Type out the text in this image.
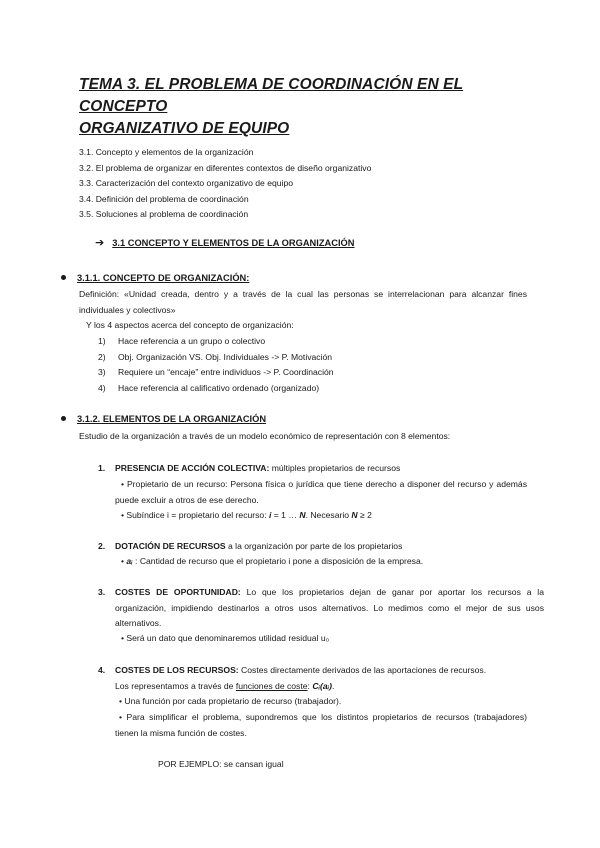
TEMA 3. EL PROBLEMA DE COORDINACIÓN EN EL CONCEPTO
ORGANIZATIVO DE EQUIPO
3.1. Concepto y elementos de la organización
3.2. El problema de organizar en diferentes contextos de diseño organizativo
3.3. Caracterización del contexto organizativo de equipo
3.4. Definición del problema de coordinación
3.5. Soluciones al problema de coordinación
➔ 3.1 CONCEPTO Y ELEMENTOS DE LA ORGANIZACIÓN
3.1.1. CONCEPTO DE ORGANIZACIÓN:
Definición: «Unidad creada, dentro y a través de la cual las personas se interrelacionan para alcanzar fines individuales y colectivos»
Y los 4 aspectos acerca del concepto de organización:
1) Hace referencia a un grupo o colectivo
2) Obj. Organización VS. Obj. Individuales -> P. Motivación
3) Requiere un “encaje” entre individuos -> P. Coordinación
4) Hace referencia al calificativo ordenado (organizado)
3.1.2. ELEMENTOS DE LA ORGANIZACIÓN
Estudio de la organización a través de un modelo económico de representación con 8 elementos:
1. PRESENCIA DE ACCIÓN COLECTIVA: múltiples propietarios de recursos
• Propietario de un recurso: Persona física o jurídica que tiene derecho a disponer del recurso y además puede excluir a otros de ese derecho.
• Subíndice i = propietario del recurso: i = 1 … N. Necesario N ≥ 2
2. DOTACIÓN DE RECURSOS a la organización por parte de los propietarios
• aᵢ : Cantidad de recurso que el propietario i pone a disposición de la empresa.
3. COSTES DE OPORTUNIDAD: Lo que los propietarios dejan de ganar por aportar los recursos a la organización, impidiendo destinarlos a otros usos alternativos. Lo medimos como el mejor de sus usos alternativos.
• Será un dato que denominaremos utilidad residual u₀
4. COSTES DE LOS RECURSOS: Costes directamente derivados de las aportaciones de recursos.
Los representamos a través de funciones de coste: Cᵢ(aᵢ).
• Una función por cada propietario de recurso (trabajador).
• Para simplificar el problema, supondremos que los distintos propietarios de recursos (trabajadores) tienen la misma función de costes.
POR EJEMPLO: se cansan igual
